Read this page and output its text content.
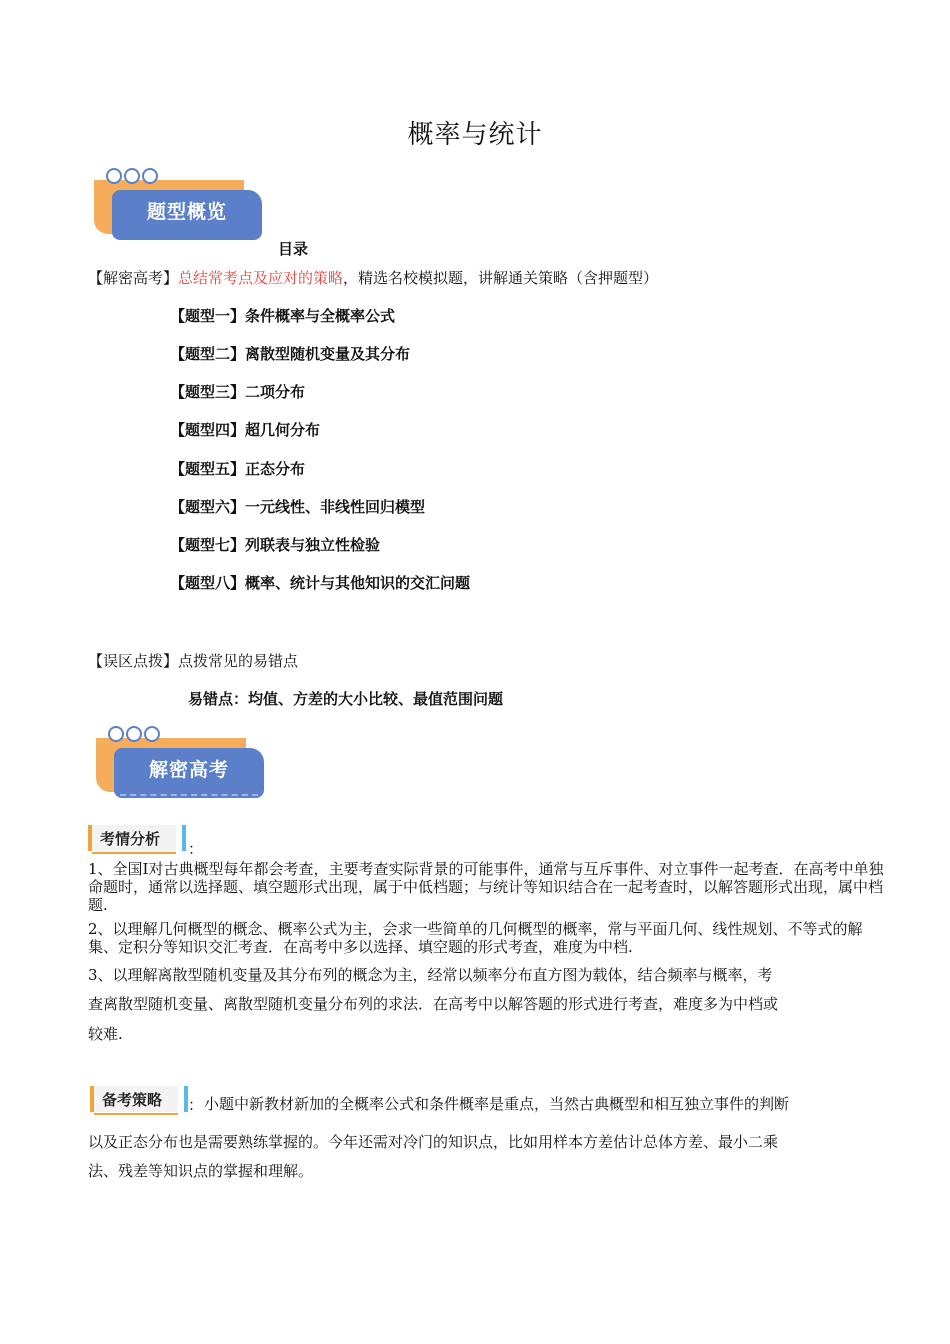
概率与统计
题型概览
目录
【解密高考】总结常考点及应对的策略，精选名校模拟题，讲解通关策略（含押题型）
【题型一】条件概率与全概率公式
【题型二】离散型随机变量及其分布
【题型三】二项分布
【题型四】超几何分布
【题型五】正态分布
【题型六】一元线性、非线性回归模型
【题型七】列联表与独立性检验
【题型八】概率、统计与其他知识的交汇问题
【误区点拨】点拨常见的易错点
易错点：均值、方差的大小比较、最值范围问题
解密高考
考情分析
：
1、全国Ⅰ对古典概型每年都会考查，主要考查实际背景的可能事件，通常与互斥事件、对立事件一起考查．在高考中单独命题时，通常以选择题、填空题形式出现，属于中低档题；与统计等知识结合在一起考查时，以解答题形式出现，属中档题.
2、以理解几何概型的概念、概率公式为主，会求一些简单的几何概型的概率，常与平面几何、线性规划、不等式的解集、定积分等知识交汇考查．在高考中多以选择、填空题的形式考查，难度为中档.
3、以理解离散型随机变量及其分布列的概念为主，经常以频率分布直方图为载体，结合频率与概率，考
查离散型随机变量、离散型随机变量分布列的求法．在高考中以解答题的形式进行考查，难度多为中档或
较难.
备考策略 ： 小题中新教材新加的全概率公式和条件概率是重点，当然古典概型和相互独立事件的判断
以及正态分布也是需要熟练掌握的。今年还需对冷门的知识点，比如用样本方差估计总体方差、最小二乘
法、残差等知识点的掌握和理解。
